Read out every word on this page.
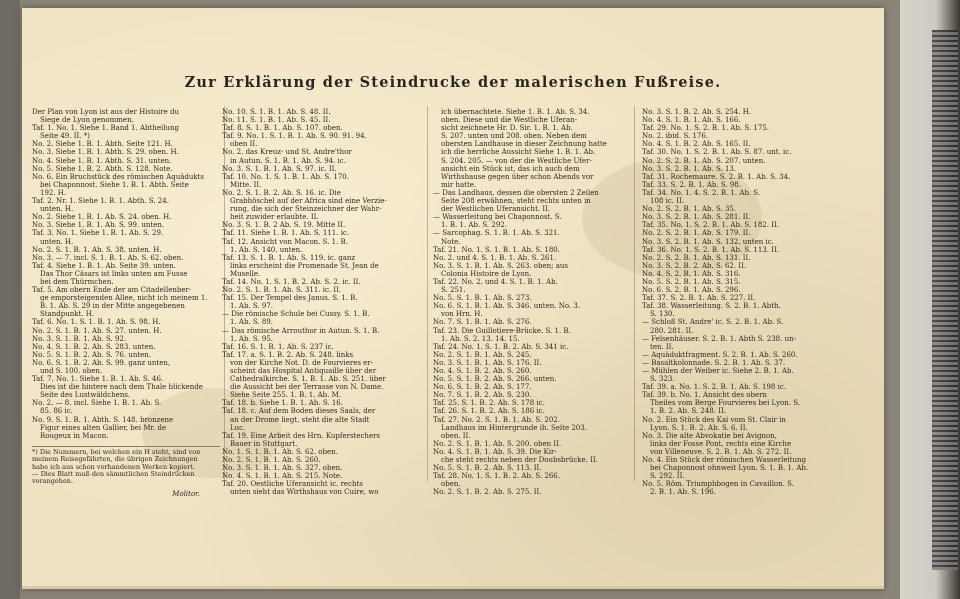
Zur Erklärung der Steindrucke der malerischen Fußreise.
Der Plan von Lyon ist aus der Histoire du
Siege de Lyon genommen.
Taf. 1. No. 1. Siehe 1. Band 1. Abtheilung
Seite 49. II. *)
No. 2. Siehe 1. B. 1. Abth. Seite 121. H.
No. 3. Siehe 1. B. 1. Abth. S. 29. oben. H.
No. 4. Siehe 1. B. 1. Abth. S. 31. unten.
No. 5. Siehe 1. B. 2. Abth. S. 128. Note.
No. 6. Ein Bruchstück des römischen Aquädukts
bei Chaponnost. Siehe 1. B. 1. Abth. Seite
192. H.
Taf. 2. Nr. 1. Siehe 1. B. 1. Abth. S. 24.
unten. H.
No. 2. Siehe 1. B. 1. Ab. S. 24. oben. H.
No. 3. Siehe 1. B. 1. Ab. S. 99. unten.
Taf. 3. No. 1. Siehe 1. B. 1. Ab. S. 29.
unten. H.
No. 2. S. 1. B. 1. Ab. S. 38. unten. H.
No. 3. — 7. incl. S. 1. B. 1. Ab. S. 62. oben.
Taf. 4. Siehe 1. B. 1. Ab. Seite 39. unten.
Das Thor Cäsars ist links unten am Fusse
bei dem Thürmchen.
Taf. 5. Am obern Ende der am Citadellenber-
ge emporsteigenden Allee, nicht ich meinem 1.
B. 1. Ab. S. 29 in der Mitte angegebenen
Standpunkt. H.
Taf. 6. No. 1. S. 1. B. 1. Ab. S. 98. H.
No. 2. S. 1. B. 1. Ab. S. 27. unten. H.
No. 3. S. 1. B. 1. Ab. S. 92.
No. 4. S. 1. B. 2. Ab. S. 283. unten.
No. 5. S. 1. B. 2. Ab. S. 76. unten.
No. 6. S. 1. B. 2. Ab. S. 99. ganz unten,
und S. 100. oben.
Taf. 7. No. 1. Siehe 1. B. 1. Ab. S. 46.
Dies ist die hintere nach dem Thale blickende
Seite des Lustwäldchens.
No. 2. — 8. incl. Siehe 1. B. 1. Ab. S.
85. 86 ic.
No. 9. S. 1. B. 1. Abth. S. 148. bronzene
Figur eines alten Gallier, bei Mr. de
Rougeux in Macon.
*) Die Nummern, bei welchen ein H steht, sind von
meinem Reisegefährten, die übrigen Zeichnungen
habe ich aus schon vorhandenen Werken kopiert.
— Dies Blatt muß den sämmtlichen Steindrücken
vorangehen.
Molitor.
No. 10. S. 1. B. 1. Ab. S. 48. II.
No. 11. S. 1. B. 1. Ab. S. 45. II.
Taf. 8. S. 1. B. 1. Ab. S. 107. oben.
Taf. 9. No. 1. S. 1. B. 1. Ab. S. 90. 91. 94.
oben II.
No. 2. das Kreuz- und St. Andre'thor
in Autun. S. 1. B. 1. Ab. S. 94. ic.
No. 3. S. 1. B. 1. Ab. S. 97. ic. II.
Taf. 10. No. 1. S. 1. B. 1. Ab. S. 170.
Mitte. II.
No. 2. S. 1. B. 2. Ab. S. 16. ic. Die
Grabhöschel auf der Africa sind eine Verzie-
rung, die sich der Steinzeichner der Wahr-
heit zuwider erlaubte. II.
No. 3. S. 1. B. 2 Ab. S. 19. Mitte II.
Taf. 11. Siehe 1. B. 1. Ab. S. 111. ic.
Taf. 12. Ansicht von Macon. S. 1. B.
1. Ab. S. 140. unten.
Taf. 13. S. 1. B. 1. Ab. S. 119. ic. ganz
links erscheint die Promenade St. Jean de
Muselle.
Taf. 14. No. 1. S. 1. B. 2. Ab. S. 2. ic. II.
No. 2. S. 1. B. 1. Ab. S. 311. ic. II.
Taf. 15. Der Tempel des Janus. S. 1. B.
1. Ab. S. 97.
— Die römische Schule bei Cussy. S. 1. B.
1. Ab. S. 89.
— Das römische Arrouthor in Autun. S. 1. B.
1. Ab. S. 95.
Taf. 16. S. 1. B. 1. Ab. S. 237 ic.
Taf. 17. a. S. 1. B. 2. Ab. S. 248. links
von der Kirche Not. D. de Fourvieres er-
scheint das Hospital Antiquaille über der
Cathedralkirche. S. 1. B. 1. Ab. S. 251. über
die Aussicht bei der Terrasse von N. Dame.
Siehe Seite 255. 1. B. 1. Ab. M.
Taf. 18. b. Siehe 1. B. 1. Ab. S. 16.
Taf. 18. c. Auf dem Boden dieses Saals, der
an der Drome liegt, steht die alte Stadt
Luc.
Taf. 19. Eine Arbeit des Hrn. Kupferstechers
Bauer in Stuttgart.
No. 1. S. 1. B. 1. Ab. S. 62. oben.
No. 2. S. 1. B. 1. Ab. S. 260.
No. 3. S. 1. B. 1. Ab. S. 327. oben.
No. 4. S. 1. B. 1. Ab. S. 215. Note.
Taf. 20. Oestliche Uferansicht ic. rechts
unten sieht das Wirthshaus von Cuire, wo
ich übernachtete. Siehe 1. B. 1. Ab. S. 34.
oben. Diese und die Westliche Uferan-
sicht zeichnete Hr. D. Sir. 1. B. 1. Ab.
S. 207. unten und 208. oben. Neben dem
obersten Landhause in dieser Zeichnung hatte
ich die herrliche Aussicht Siehe 1. B. 1. Ab.
S. 204. 205. — von der die Westliche Ufer-
ansicht ein Stück ist, das ich auch dem
Wirthshause gegen über schon Abends vor
mir hatte.
— Das Landhaus, dessen die obersten 2 Zeilen
Seite 208 erwähnen, steht rechts unten in
der Westlichen Uferansicht. II.
— Wasserleitung bei Chaponnost. S.
1. B. 1. Ab. S. 292.
— Sarcophag. S. 1. B. 1. Ab. S. 321.
Note.
Taf. 21. No. 1. S. 1. B. 1. Ab. S. 180.
No. 2. und 4. S. 1. B. 1. Ab. S. 261.
No. 3. S. 1. B. 1. Ab. S. 263. oben; aus
Colonia Histoire de Lyon.
Taf. 22. No. 2. und 4. S. 1. B. 1. Ab.
S. 251.
No. 5. S. 1. B. 1. Ab. S. 273.
No. 6. S. 1. B. 1. Ab. S. 346. unten. No. 3.
von Hrn. H.
No. 7. S. 1. B. 1. Ab. S. 276.
Taf. 23. Die Guillotiere-Brücke. S. 1. B.
1. Ab. S. 2. 13. 14. 15.
Taf. 24. No. 1. S. 1. B. 2. Ab. S. 341 ic.
No. 2. S. 1. B. 1. Ab. S. 245.
No. 3. S. 1. B. 1. Ab. S. 176. II.
No. 4. S. 1. B. 2. Ab. S. 260.
No. 5. S. 1. B. 2. Ab. S. 266. unten.
No. 6. S. 1. B. 2. Ab. S. 177.
No. 7. S. 1. B. 2. Ab. S. 230.
Taf. 25. S. 1. B. 2. Ab. S. 178 ic.
Taf. 26. S. 1. B. 2. Ab. S. 186 ic.
Taf. 27. No. 2. S. 1. B. 1. Ab. S. 202.
Landhaus im Hintergrunde ih. Seite 203.
oben. II.
No. 2. S. 1. B. 1. Ab. S. 200. oben II.
No. 4. S. 1. B. 1. Ab. S. 39. Die Kir-
che steht rechts neben der Doubsbrücke. II.
No. 5. S. 1. B. 2. Ab. S. 113. II.
Taf. 28. No. 1. S. 1. B. 2. Ab. S. 266.
oben.
No. 2. S. 1. B. 2. Ab. S. 275. II.
No. 3. S. 1. B. 2. Ab. S. 254. H.
No. 4. S. 1. B. 1. Ab. S. 166.
Taf. 29. No. 1. S. 2. B. 1. Ab. S. 175.
No. 2. ibid. S. 176.
No. 4. S. 1. B. 2. Ab. S. 165. II.
Taf. 30. No. 1. S. 2. B. 1. Ab. S. 87. unt. ic.
No. 2. S. 2. B. 1. Ab. S. 207. unten.
No. 3. S. 2. B. 1. Ab. S. 13.
Taf. 31. Rochemaure. S. 2. B. 1. Ab. S. 34.
Taf. 33. S. 2. B. 1. Ab. S. 98.
Taf. 34. No. 1. 4. S. 2. B. 1. Ab. S.
108 ic. II.
No. 2. S. 2. B. 1. Ab. S. 35.
No. 3. S. 2. B. 1. Ab. S. 281. II.
Taf. 35. No. 1. S. 2. B. 1. Ab. S. 182. II.
No. 2. S. 2. B. 1. Ab. S. 179. II.
No. 3. S. 2. B. 1. Ab. S. 132. unten ic.
Taf. 36. No. 1. S. 2. B. 1. Ab. S. 113. II.
No. 2. S. 2. B. 1. Ab. S. 131. II.
No. 3. S. 2. B. 2. Ab. S. 62. II.
No. 4. S. 2. B. 1. Ab. S. 316.
No. 5. S. 2. B. 1. Ab. S. 315.
No. 6. S. 2. B. 1. Ab. S. 296.
Taf. 37. S. 2. B. 1. Ab. S. 227. II.
Taf. 38. Wasserleitung. S. 2. B. 1. Abth.
S. 130.
— Schloß St. Andre' ic. S. 2. B. 1. Ab. S.
280. 281. II.
— Felsenhäuser. S. 2. B. 1. Abth S. 238. un-
ten. II.
— Aquäduktfragment. S. 2. B. 1. Ab. S. 260.
— Basaltkolonnade. S. 2. B. 1. Ab. S. 37.
— Mühlen der Weiber ic. Siehe 2. B. 1. Ab.
S. 323.
Taf. 39. a. No. 1. S. 2. B. 1. Ab. S. 198 ic.
Taf. 39. b. No. 1. Ansicht des obern
Theiles vom Berge Fourvieres bei Lyon. S.
1. B. 2. Ab. S. 248. II.
No. 2. Ein Stück des Kai vom St. Clair in
Lyon. S. 1. B. 2. Ab. S. 6. II.
No. 3. Die alte Abvokatie bei Avignon,
links der Fosse Pont, rechts eine Kirche
von Villeneuve. S. 2. B. 1. Ab. S. 272. II.
No. 4. Ein Stück der römischen Wasserleitung
bei Chaponnost ohnweit Lyon. S. 1. B. 1. Ab.
S. 292. II.
No. 5. Röm. Triumphbogen in Cavaillon. S.
2. B. 1. Ab. S. 196.
